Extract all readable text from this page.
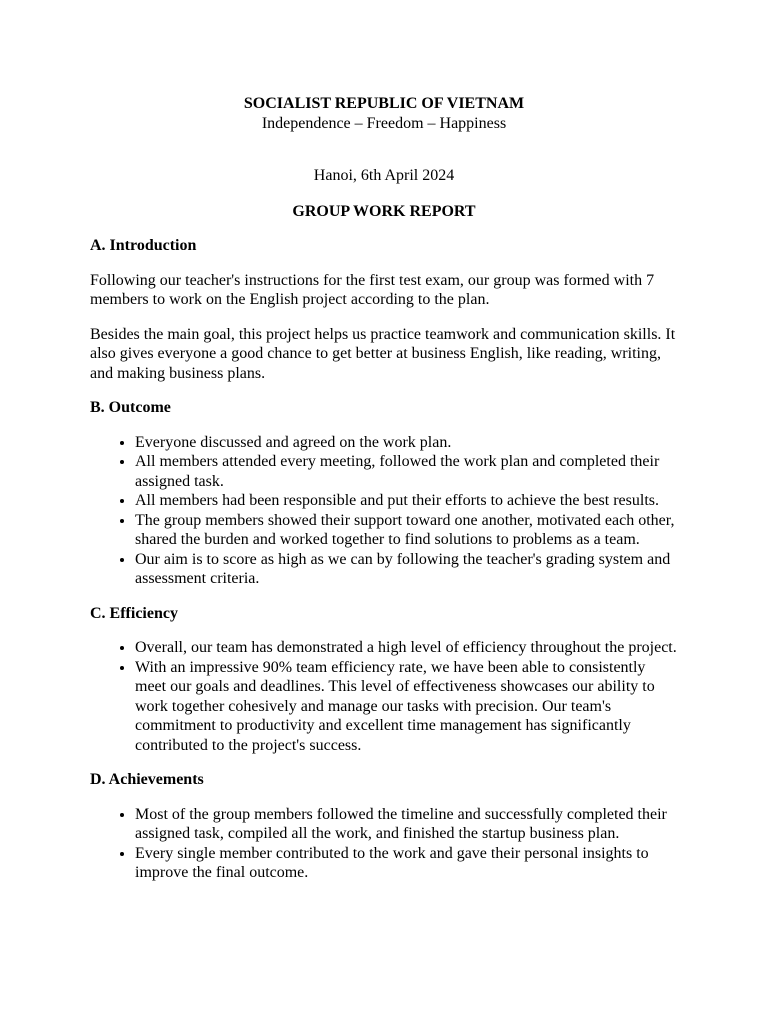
SOCIALIST REPUBLIC OF VIETNAM
Independence – Freedom – Happiness
Hanoi, 6th April 2024
GROUP WORK REPORT
A. Introduction

Following our teacher's instructions for the first test exam, our group was formed with 7 members to work on the English project according to the plan.

Besides the main goal, this project helps us practice teamwork and communication skills. It also gives everyone a good chance to get better at business English, like reading, writing, and making business plans.

B. Outcome
• Everyone discussed and agreed on the work plan.
• All members attended every meeting, followed the work plan and completed their assigned task.
• All members had been responsible and put their efforts to achieve the best results.
• The group members showed their support toward one another, motivated each other, shared the burden and worked together to find solutions to problems as a team.
• Our aim is to score as high as we can by following the teacher's grading system and assessment criteria.
C. Efficiency
• Overall, our team has demonstrated a high level of efficiency throughout the project.
• With an impressive 90% team efficiency rate, we have been able to consistently meet our goals and deadlines. This level of effectiveness showcases our ability to work together cohesively and manage our tasks with precision. Our team's commitment to productivity and excellent time management has significantly contributed to the project's success.
D. Achievements
• Most of the group members followed the timeline and successfully completed their assigned task, compiled all the work, and finished the startup business plan.
• Every single member contributed to the work and gave their personal insights to improve the final outcome.
